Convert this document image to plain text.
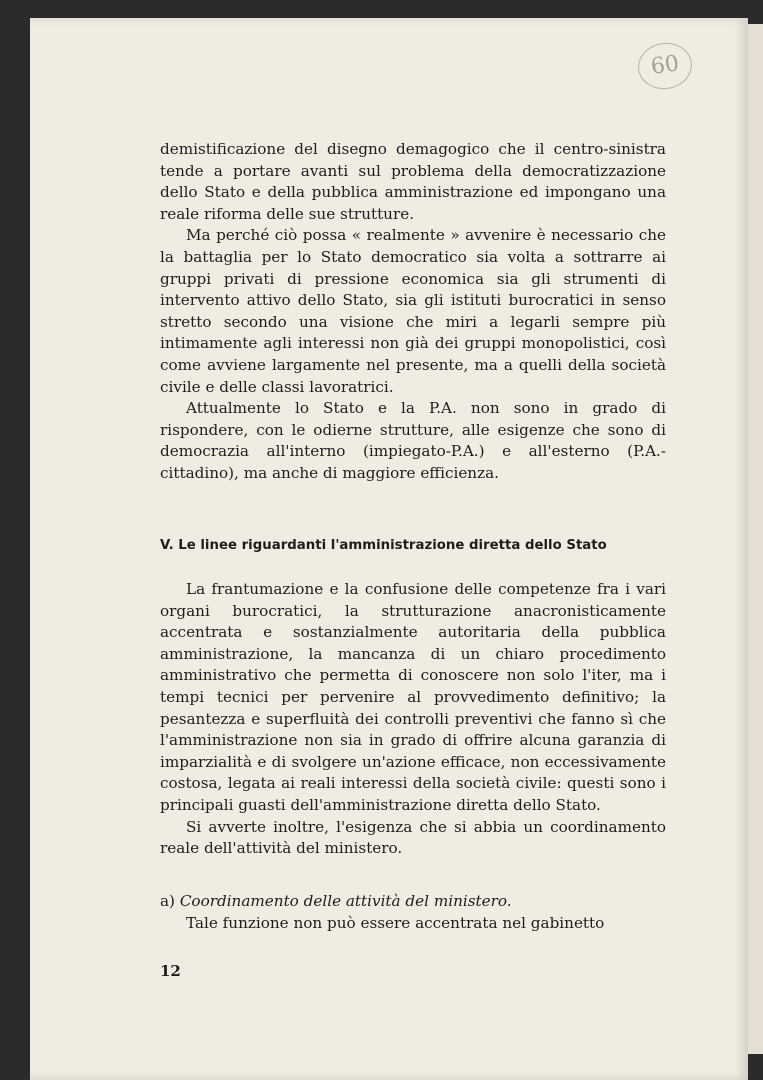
60

demistificazione del disegno demagogico che il centro-sinistra tende a portare avanti sul problema della democratizzazione dello Stato e della pubblica amministrazione ed impongano una reale riforma delle sue strutture.

Ma perché ciò possa « realmente » avvenire è necessario che la battaglia per lo Stato democratico sia volta a sottrarre ai gruppi privati di pressione economica sia gli strumenti di intervento attivo dello Stato, sia gli istituti burocratici in senso stretto secondo una visione che miri a legarli sempre più intimamente agli interessi non già dei gruppi monopolistici, così come avviene largamente nel presente, ma a quelli della società civile e delle classi lavoratrici.

Attualmente lo Stato e la P.A. non sono in grado di rispondere, con le odierne strutture, alle esigenze che sono di democrazia all'interno (impiegato-P.A.) e all'esterno (P.A.-cittadino), ma anche di maggiore efficienza.

V. Le linee riguardanti l'amministrazione diretta dello Stato

La frantumazione e la confusione delle competenze fra i vari organi burocratici, la strutturazione anacronisticamente accentrata e sostanzialmente autoritaria della pubblica amministrazione, la mancanza di un chiaro procedimento amministrativo che permetta di conoscere non solo l'iter, ma i tempi tecnici per pervenire al provvedimento definitivo; la pesantezza e superfluità dei controlli preventivi che fanno sì che l'amministrazione non sia in grado di offrire alcuna garanzia di imparzialità e di svolgere un'azione efficace, non eccessivamente costosa, legata ai reali interessi della società civile: questi sono i principali guasti dell'amministrazione diretta dello Stato.

Si avverte inoltre, l'esigenza che si abbia un coordinamento reale dell'attività del ministero.

a) Coordinamento delle attività del ministero.
Tale funzione non può essere accentrata nel gabinetto
12
